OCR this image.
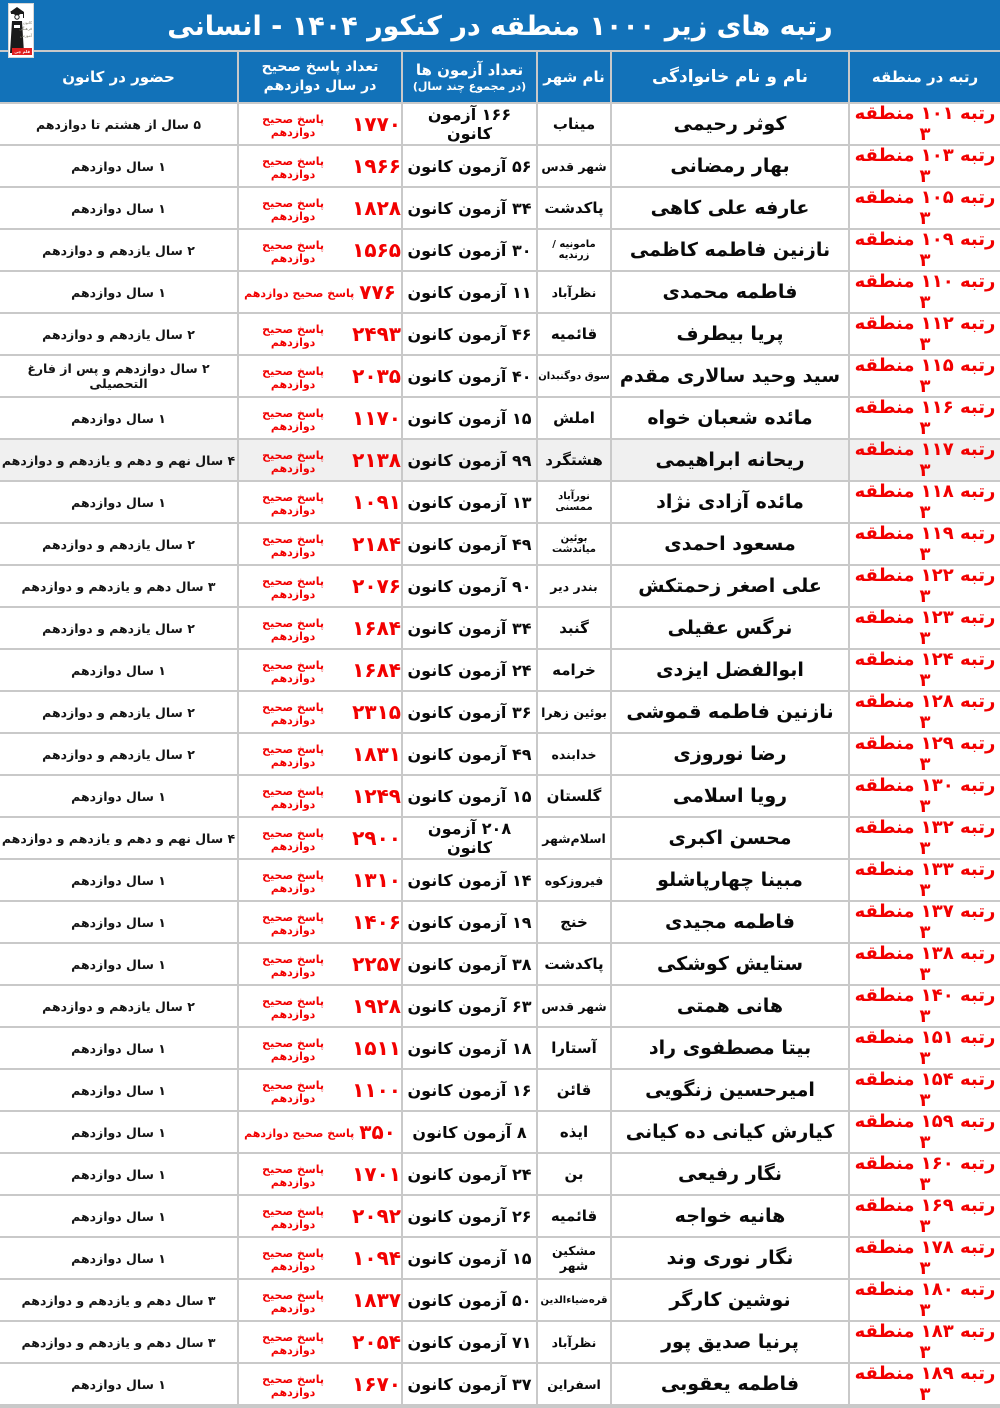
کانون
فرهنگی
آموزش
قلم چی
رتبه های زیر ۱۰۰۰ منطقه در کنکور ۱۴۰۴ - انسانی
رتبه در منطقه
نام و نام خانوادگی
نام شهر
تعداد آزمون ها
(در مجموع چند سال)
تعداد پاسخ صحیح
در سال دوازدهم
حضور در کانون
رتبه ۱۰۱ منطقه ۳
کوثر رحیمی
میناب
۱۶۶ آزمون کانون
۱۷۷۰
پاسخ صحیح دوازدهم
۵ سال از هشتم تا دوازدهم
رتبه ۱۰۳ منطقه ۳
بهار رمضانی
شهر قدس
۵۶ آزمون کانون
۱۹۶۶
پاسخ صحیح دوازدهم
۱ سال دوازدهم
رتبه ۱۰۵ منطقه ۳
عارفه علی کاهی
پاکدشت
۳۴ آزمون کانون
۱۸۲۸
پاسخ صحیح دوازدهم
۱ سال دوازدهم
رتبه ۱۰۹ منطقه ۳
نازنین فاطمه کاظمی
مامونیه / زرندیه
۳۰ آزمون کانون
۱۵۶۵
پاسخ صحیح دوازدهم
۲ سال یازدهم و دوازدهم
رتبه ۱۱۰ منطقه ۳
فاطمه محمدی
نظرآباد
۱۱ آزمون کانون
۷۷۶
پاسخ صحیح دوازدهم
۱ سال دوازدهم
رتبه ۱۱۲ منطقه ۳
پریا بیطرف
قائمیه
۴۶ آزمون کانون
۲۴۹۳
پاسخ صحیح دوازدهم
۲ سال یازدهم و دوازدهم
رتبه ۱۱۵ منطقه ۳
سید وحید سالاری مقدم
سوق دوگنبدان
۴۰ آزمون کانون
۲۰۳۵
پاسخ صحیح دوازدهم
۲ سال دوازدهم و پس از فارغ التحصیلی
رتبه ۱۱۶ منطقه ۳
مائده شعبان خواه
املش
۱۵ آزمون کانون
۱۱۷۰
پاسخ صحیح دوازدهم
۱ سال دوازدهم
رتبه ۱۱۷ منطقه ۳
ریحانه ابراهیمی
هشتگرد
۹۹ آزمون کانون
۲۱۳۸
پاسخ صحیح دوازدهم
۴ سال نهم و دهم و یازدهم و دوازدهم
رتبه ۱۱۸ منطقه ۳
مائده آزادی نژاد
نورآباد ممسنی
۱۳ آزمون کانون
۱۰۹۱
پاسخ صحیح دوازدهم
۱ سال دوازدهم
رتبه ۱۱۹ منطقه ۳
مسعود احمدی
بوئین میاندشت
۴۹ آزمون کانون
۲۱۸۴
پاسخ صحیح دوازدهم
۲ سال یازدهم و دوازدهم
رتبه ۱۲۲ منطقه ۳
علی اصغر زحمتکش
بندر دیر
۹۰ آزمون کانون
۲۰۷۶
پاسخ صحیح دوازدهم
۳ سال دهم و یازدهم و دوازدهم
رتبه ۱۲۳ منطقه ۳
نرگس عقیلی
گنبد
۳۴ آزمون کانون
۱۶۸۴
پاسخ صحیح دوازدهم
۲ سال یازدهم و دوازدهم
رتبه ۱۲۴ منطقه ۳
ابوالفضل ایزدی
خرامه
۲۴ آزمون کانون
۱۶۸۴
پاسخ صحیح دوازدهم
۱ سال دوازدهم
رتبه ۱۲۸ منطقه ۳
نازنین فاطمه قموشی
بوئین زهرا
۳۶ آزمون کانون
۲۳۱۵
پاسخ صحیح دوازدهم
۲ سال یازدهم و دوازدهم
رتبه ۱۲۹ منطقه ۳
رضا نوروزی
خدابنده
۴۹ آزمون کانون
۱۸۳۱
پاسخ صحیح دوازدهم
۲ سال یازدهم و دوازدهم
رتبه ۱۳۰ منطقه ۳
رویا اسلامی
گلستان
۱۵ آزمون کانون
۱۲۴۹
پاسخ صحیح دوازدهم
۱ سال دوازدهم
رتبه ۱۳۲ منطقه ۳
محسن اکبری
اسلام‌شهر
۲۰۸ آزمون کانون
۲۹۰۰
پاسخ صحیح دوازدهم
۴ سال نهم و دهم و یازدهم و دوازدهم
رتبه ۱۳۳ منطقه ۳
مبینا چهارپاشلو
فیروزکوه
۱۴ آزمون کانون
۱۳۱۰
پاسخ صحیح دوازدهم
۱ سال دوازدهم
رتبه ۱۳۷ منطقه ۳
فاطمه مجیدی
خنج
۱۹ آزمون کانون
۱۴۰۶
پاسخ صحیح دوازدهم
۱ سال دوازدهم
رتبه ۱۳۸ منطقه ۳
ستایش کوشکی
پاکدشت
۳۸ آزمون کانون
۲۲۵۷
پاسخ صحیح دوازدهم
۱ سال دوازدهم
رتبه ۱۴۰ منطقه ۳
هانی همتی
شهر قدس
۶۳ آزمون کانون
۱۹۲۸
پاسخ صحیح دوازدهم
۲ سال یازدهم و دوازدهم
رتبه ۱۵۱ منطقه ۳
بیتا مصطفوی راد
آستارا
۱۸ آزمون کانون
۱۵۱۱
پاسخ صحیح دوازدهم
۱ سال دوازدهم
رتبه ۱۵۴ منطقه ۳
امیرحسین زنگویی
قائن
۱۶ آزمون کانون
۱۱۰۰
پاسخ صحیح دوازدهم
۱ سال دوازدهم
رتبه ۱۵۹ منطقه ۳
کیارش کیانی ده کیانی
ایذه
۸ آزمون کانون
۳۵۰
پاسخ صحیح دوازدهم
۱ سال دوازدهم
رتبه ۱۶۰ منطقه ۳
نگار رفیعی
بن
۲۴ آزمون کانون
۱۷۰۱
پاسخ صحیح دوازدهم
۱ سال دوازدهم
رتبه ۱۶۹ منطقه ۳
هانیه خواجه
قائمیه
۲۶ آزمون کانون
۲۰۹۲
پاسخ صحیح دوازدهم
۱ سال دوازدهم
رتبه ۱۷۸ منطقه ۳
نگار نوری وند
مشکین شهر
۱۵ آزمون کانون
۱۰۹۴
پاسخ صحیح دوازدهم
۱ سال دوازدهم
رتبه ۱۸۰ منطقه ۳
نوشین کارگر
قره‌ضیاءالدین
۵۰ آزمون کانون
۱۸۳۷
پاسخ صحیح دوازدهم
۳ سال دهم و یازدهم و دوازدهم
رتبه ۱۸۳ منطقه ۳
پرنیا صدیق پور
نظرآباد
۷۱ آزمون کانون
۲۰۵۴
پاسخ صحیح دوازدهم
۳ سال دهم و یازدهم و دوازدهم
رتبه ۱۸۹ منطقه ۳
فاطمه یعقوبی
اسفراین
۳۷ آزمون کانون
۱۶۷۰
پاسخ صحیح دوازدهم
۱ سال دوازدهم
